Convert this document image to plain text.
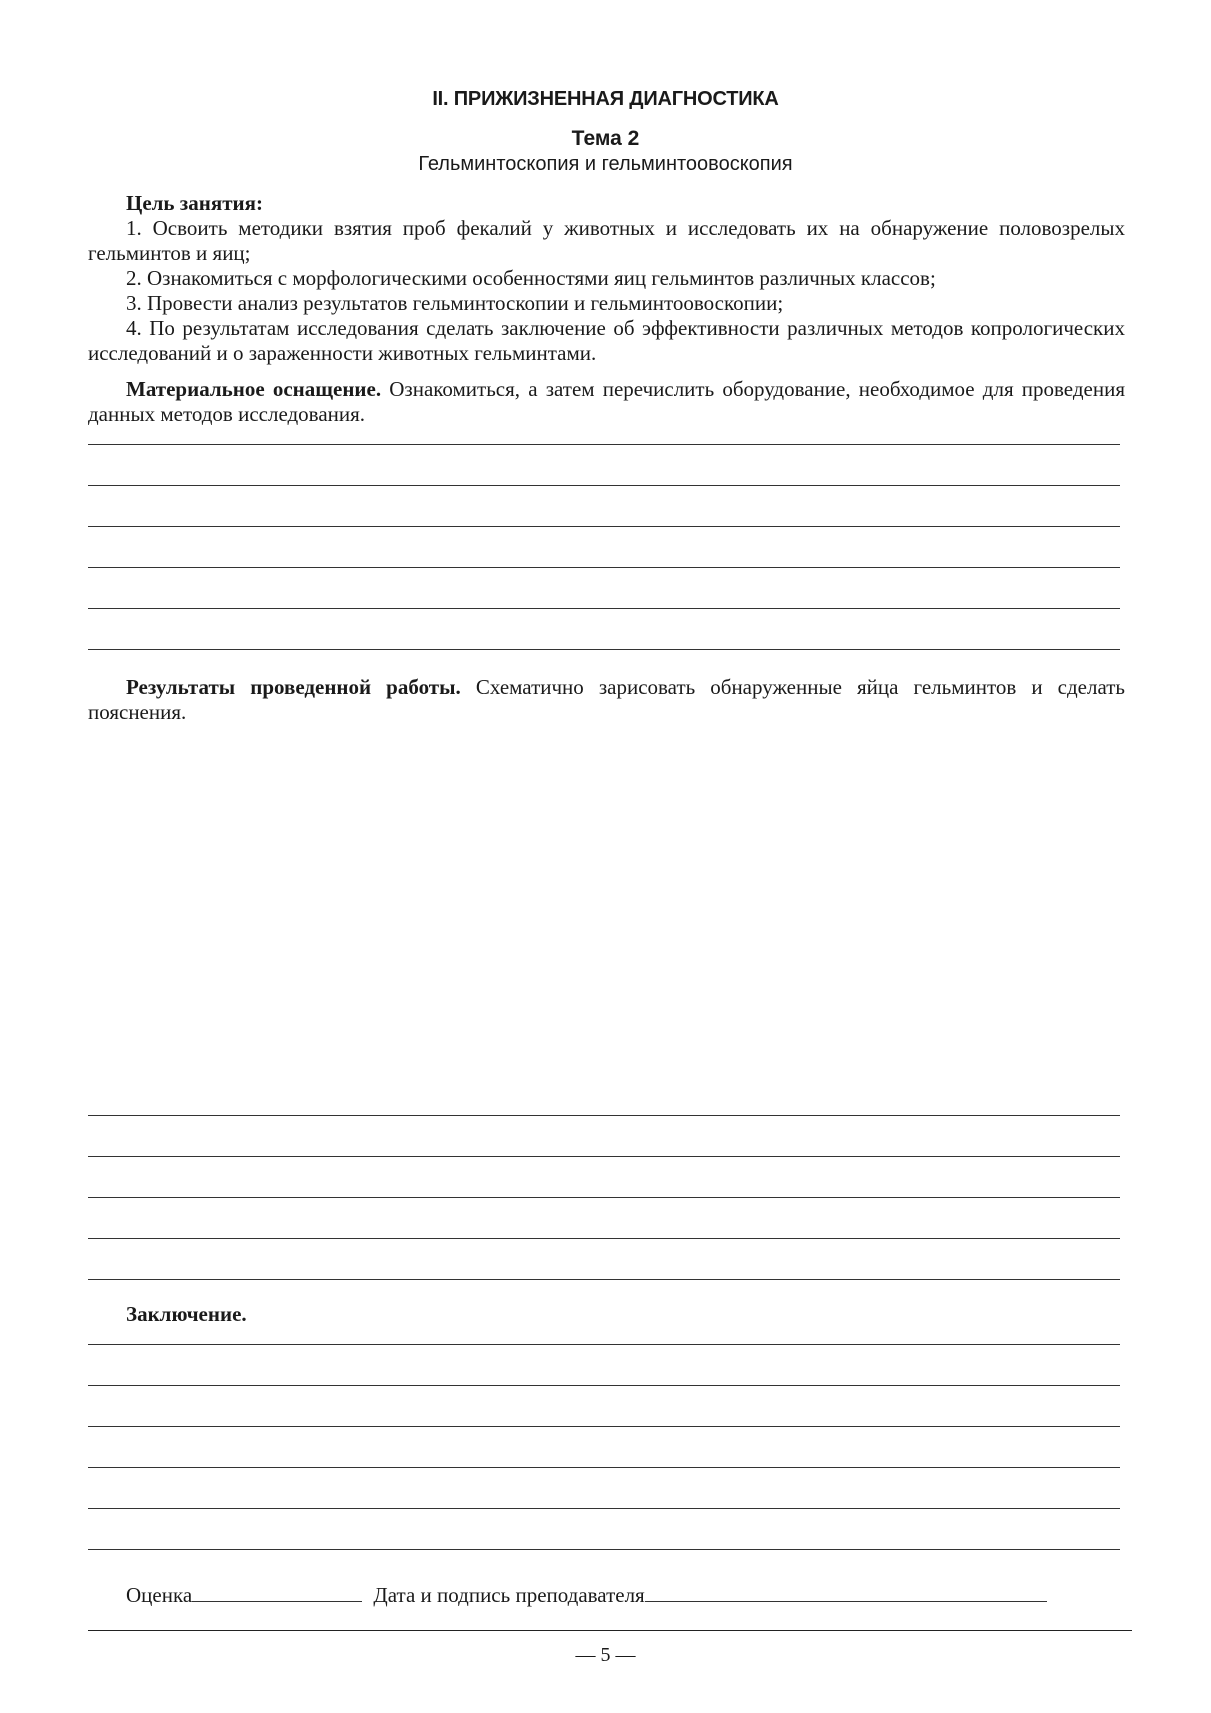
II. ПРИЖИЗНЕННАЯ ДИАГНОСТИКА
Тема 2
Гельминтоскопия и гельминтоовоскопия

Цель занятия:

1. Освоить методики взятия проб фекалий у животных и исследовать их на обнаружение половозрелых гельминтов и яиц;

2. Ознакомиться с морфологическими особенностями яиц гельминтов различных классов;

3. Провести анализ результатов гельминтоскопии и гельминтоовоскопии;

4. По результатам исследования сделать заключение об эффективности различных методов копрологических исследований и о зараженности животных гельминтами.

Материальное оснащение. Ознакомиться, а затем перечислить оборудование, необходимое для проведения данных методов исследования.

Результаты проведенной работы. Схематично зарисовать обнаруженные яйца гельминтов и сделать пояснения.

Заключение.
Оценка	Дата и подпись преподавателя
— 5 —
